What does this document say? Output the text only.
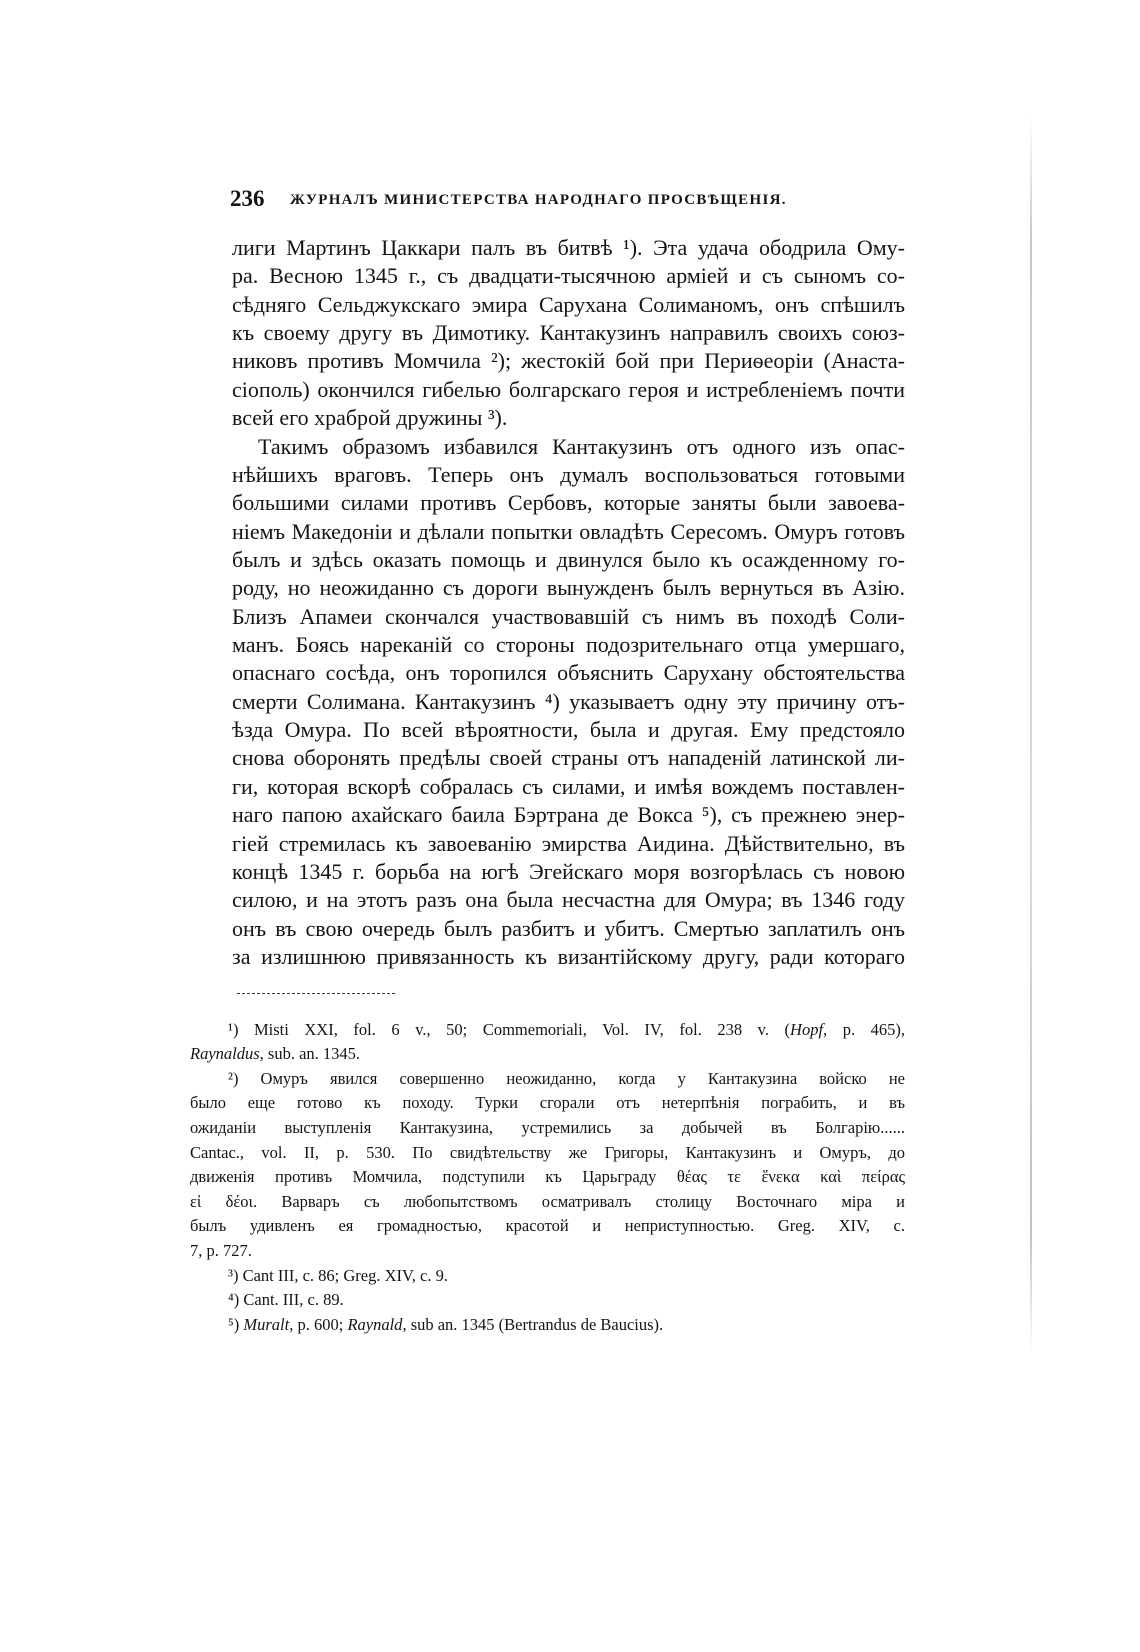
236 ЖУРНАЛЪ МИНИСТЕРСТВА НАРОДНАГО ПРОСВѢЩЕНІЯ.
лиги Мартинъ Цаккари палъ въ битвѣ ¹). Эта удача ободрила Ому-
ра. Весною 1345 г., съ двадцати-тысячною арміей и съ сыномъ со-
сѣдняго Сельджукскаго эмира Сарухана Солиманомъ, онъ спѣшилъ
къ своему другу въ Димотику. Кантакузинъ направилъ своихъ союз-
никовъ противъ Момчила ²); жестокій бой при Периѳеоріи (Анаста-
сіополь) окончился гибелью болгарскаго героя и истребленіемъ почти
всей его храброй дружины ³).
Такимъ образомъ избавился Кантакузинъ отъ одного изъ опас-
нѣйшихъ враговъ. Теперь онъ думалъ воспользоваться готовыми
большими силами противъ Сербовъ, которые заняты были завоева-
ніемъ Македоніи и дѣлали попытки овладѣть Сересомъ. Омуръ готовъ
былъ и здѣсь оказать помощь и двинулся было къ осажденному го-
роду, но неожиданно съ дороги вынужденъ былъ вернуться въ Азію.
Близъ Апамеи скончался участвовавшій съ нимъ въ походѣ Соли-
манъ. Боясь нареканій со стороны подозрительнаго отца умершаго,
опаснаго сосѣда, онъ торопился объяснить Сарухану обстоятельства
смерти Солимана. Кантакузинъ ⁴) указываетъ одну эту причину отъ-
ѣзда Омура. По всей вѣроятности, была и другая. Ему предстояло
снова оборонять предѣлы своей страны отъ нападеній латинской ли-
ги, которая вскорѣ собралась съ силами, и имѣя вождемъ поставлен-
наго папою ахайскаго баила Бэртрана де Вокса ⁵), съ прежнею энер-
гіей стремилась къ завоеванію эмирства Аидина. Дѣйствительно, въ
концѣ 1345 г. борьба на югѣ Эгейскаго моря возгорѣлась съ новою
силою, и на этотъ разъ она была несчастна для Омура; въ 1346 году
онъ въ свою очередь былъ разбитъ и убитъ. Смертью заплатилъ онъ
за излишнюю привязанность къ византійскому другу, ради котораго
¹) Misti XXI, fol. 6 v., 50; Commemoriali, Vol. IV, fol. 238 v. (Hopf, p. 465),
Raynaldus, sub. an. 1345.
²) Омуръ явился совершенно неожиданно, когда у Кантакузина войско не
было еще готово къ походу. Турки сгорали отъ нетерпѣнія пограбить, и въ
ожиданіи выступленія Кантакузина, устремились за добычей въ Болгарію......
Cantac., vol. II, p. 530. По свидѣтельству же Григоры, Кантакузинъ и Омуръ, до
движенія противъ Момчила, подступили къ Царьграду θέας τε ἕνεκα καὶ πείρας
εἰ δέοι. Варваръ съ любопытствомъ осматривалъ столицу Восточнаго міра и
былъ удивленъ ея громадностью, красотой и неприступностью. Greg. XIV, c.
7, p. 727.
³) Cant III, c. 86; Greg. XIV, c. 9.
⁴) Cant. III, c. 89.
⁵) Muralt, p. 600; Raynald, sub an. 1345 (Bertrandus de Baucius).
